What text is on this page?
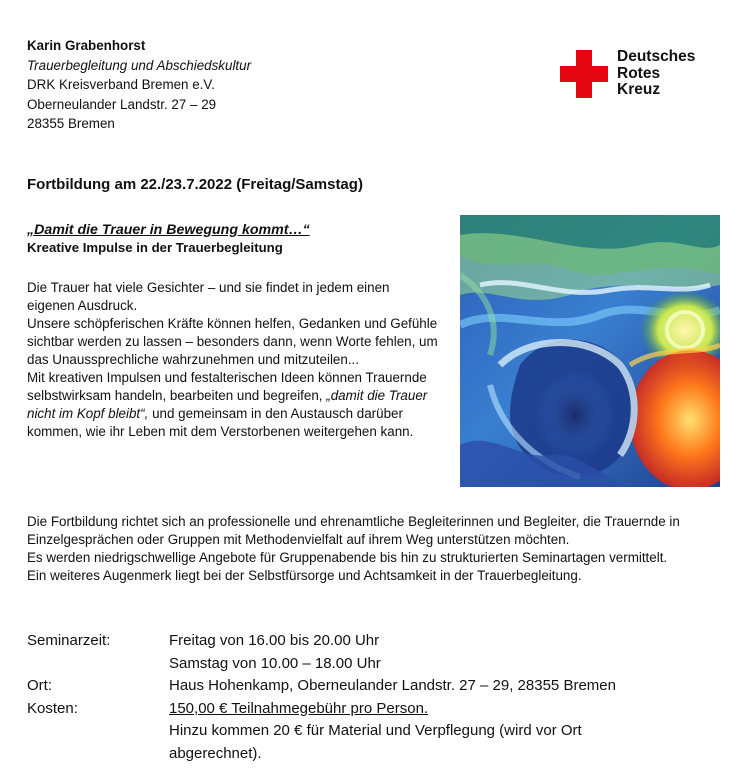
Karin Grabenhorst
Trauerbegleitung und Abschiedskultur
DRK Kreisverband Bremen e.V.
Oberneulander Landstr. 27 – 29
28355 Bremen
Deutsches
Rotes
Kreuz
Fortbildung am 22./23.7.2022 (Freitag/Samstag)
„Damit die Trauer in Bewegung kommt…“
Kreative Impulse in der Trauerbegleitung

Die Trauer hat viele Gesichter – und sie findet in jedem einen eigenen Ausdruck.

Unsere schöpferischen Kräfte können helfen, Gedanken und Gefühle sichtbar werden zu lassen – besonders dann, wenn Worte fehlen, um das Unaussprechliche wahrzunehmen und mitzuteilen...

Mit kreativen Impulsen und festalterischen Ideen können Trauernde selbstwirksam handeln, bearbeiten und begreifen, „damit die Trauer nicht im Kopf bleibt“, und gemeinsam in den Austausch darüber kommen, wie ihr Leben mit dem Verstorbenen weitergehen kann.

Die Fortbildung richtet sich an professionelle und ehrenamtliche Begleiterinnen und Begleiter, die Trauernde in Einzelgesprächen oder Gruppen mit Methodenvielfalt auf ihrem Weg unterstützen möchten.

Es werden niedrigschwellige Angebote für Gruppenabende bis hin zu strukturierten Seminartagen vermittelt.

Ein weiteres Augenmerk liegt bei der Selbstfürsorge und Achtsamkeit in der Trauerbegleitung.

Seminarzeit:	Freitag von 16.00 bis 20.00 Uhr
Samstag von 10.00 – 18.00 Uhr
Ort:	Haus Hohenkamp, Oberneulander Landstr. 27 – 29, 28355 Bremen
Kosten:	150,00 € Teilnahmegebühr pro Person.
Hinzu kommen 20 € für Material und Verpflegung (wird vor Ort
abgerechnet).
